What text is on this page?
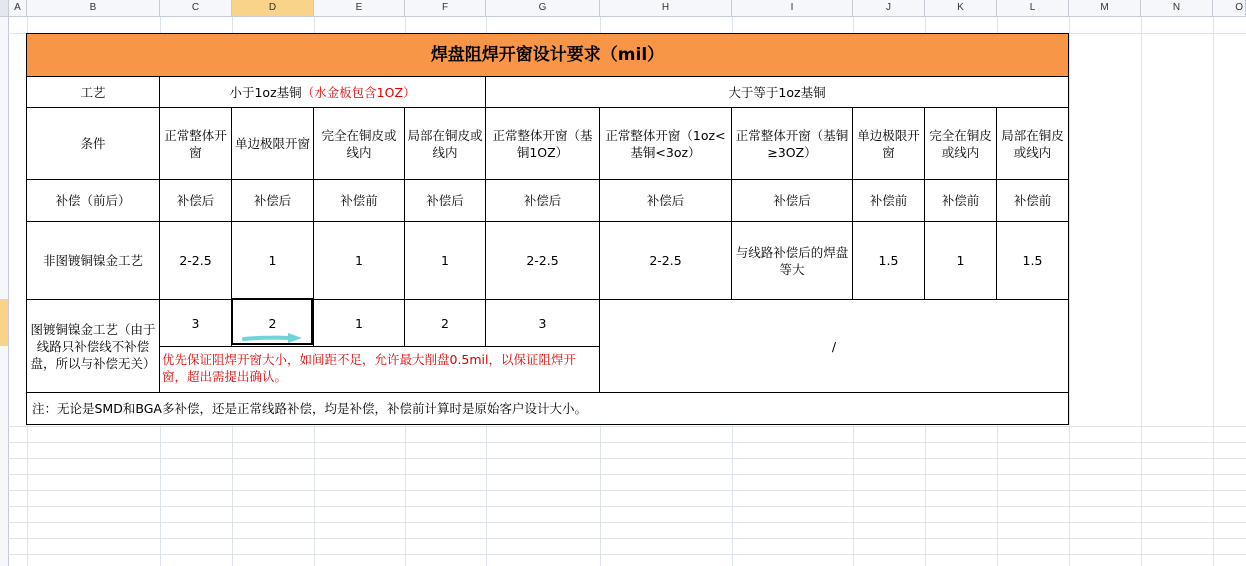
A	B	C	D	E	F	G	H	I	J	K	L	M	N	O
焊盘阻焊开窗设计要求（mil）										
工艺	小于1oz基铜（水金板包含1OZ）				大于等于1oz基铜					
条件	正常整体开窗	单边极限开窗	完全在铜皮或线内	局部在铜皮或线内	正常整体开窗（基铜1OZ）	正常整体开窗（1oz<基铜<3oz）	正常整体开窗（基铜≥3OZ）	单边极限开窗	完全在铜皮或线内	局部在铜皮或线内
补偿（前后）	补偿后	补偿后	补偿前	补偿后	补偿后	补偿后	补偿后	补偿前	补偿前	补偿前
非图镀铜镍金工艺	2-2.5	1	1	1	2-2.5	2-2.5	与线路补偿后的焊盘等大	1.5	1	1.5
图镀铜镍金工艺（由于线路只补偿线不补偿盘，所以与补偿无关）	3	2	1	2	3	/				
	优先保证阻焊开窗大小，如间距不足，允许最大削盘0.5mil，以保证阻焊开窗，超出需提出确认。									
注：无论是SMD和BGA多补偿，还是正常线路补偿，均是补偿，补偿前计算时是原始客户设计大小。										
